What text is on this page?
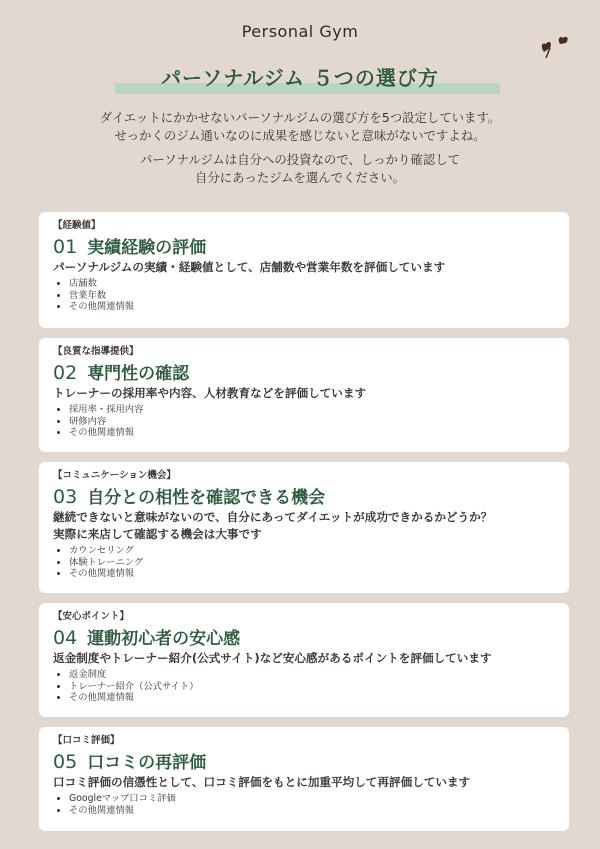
Personal Gym
パーソナルジム ５つの選び方
ダイエットにかかせないパーソナルジムの選び方を5つ設定しています。
せっかくのジム通いなのに成果を感じないと意味がないですよね。
パーソナルジムは自分への投資なので、しっかり確認して
自分にあったジムを選んでください。
【経験値】
01 実績経験の評価
パーソナルジムの実績・経験値として、店舗数や営業年数を評価しています
• 店舗数
• 営業年数
• その他関連情報
【良質な指導提供】
02 専門性の確認
トレーナーの採用率や内容、人材教育などを評価しています
• 採用率・採用内容
• 研修内容
• その他関連情報
【コミュニケーション機会】
03 自分との相性を確認できる機会
継続できないと意味がないので、自分にあってダイエットが成功できかるかどうか？
実際に来店して確認する機会は大事です
• カウンセリング
• 体験トレーニング
• その他関連情報
【安心ポイント】
04 運動初心者の安心感
返金制度やトレーナー紹介(公式サイト)など安心感があるポイントを評価しています
• 返金制度
• トレーナー紹介（公式サイト）
• その他関連情報
【口コミ評価】
05 口コミの再評価
口コミ評価の信憑性として、口コミ評価をもとに加重平均して再評価しています
• Googleマップ口コミ評価
• その他関連情報
